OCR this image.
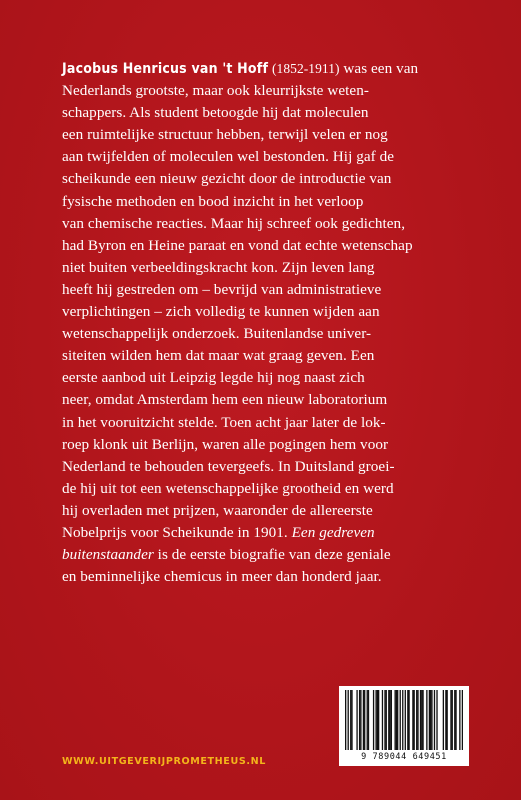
Jacobus Henricus van 't Hoff (1852-1911) was een van
Nederlands grootste, maar ook kleurrijkste weten-
schappers. Als student betoogde hij dat moleculen
een ruimtelijke structuur hebben, terwijl velen er nog
aan twijfelden of moleculen wel bestonden. Hij gaf de
scheikunde een nieuw gezicht door de introductie van
fysische methoden en bood inzicht in het verloop
van chemische reacties. Maar hij schreef ook gedichten,
had Byron en Heine paraat en vond dat echte wetenschap
niet buiten verbeeldingskracht kon. Zijn leven lang
heeft hij gestreden om – bevrijd van administratieve
verplichtingen – zich volledig te kunnen wijden aan
wetenschappelijk onderzoek. Buitenlandse univer-
siteiten wilden hem dat maar wat graag geven. Een
eerste aanbod uit Leipzig legde hij nog naast zich
neer, omdat Amsterdam hem een nieuw laboratorium
in het vooruitzicht stelde. Toen acht jaar later de lok-
roep klonk uit Berlijn, waren alle pogingen hem voor
Nederland te behouden tevergeefs. In Duitsland groei-
de hij uit tot een wetenschappelijke grootheid en werd
hij overladen met prijzen, waaronder de allereerste
Nobelprijs voor Scheikunde in 1901. Een gedreven
buitenstaander is de eerste biografie van deze geniale
en beminnelijke chemicus in meer dan honderd jaar.
WWW.UITGEVERIJPROMETHEUS.NL	9 789044 649451
